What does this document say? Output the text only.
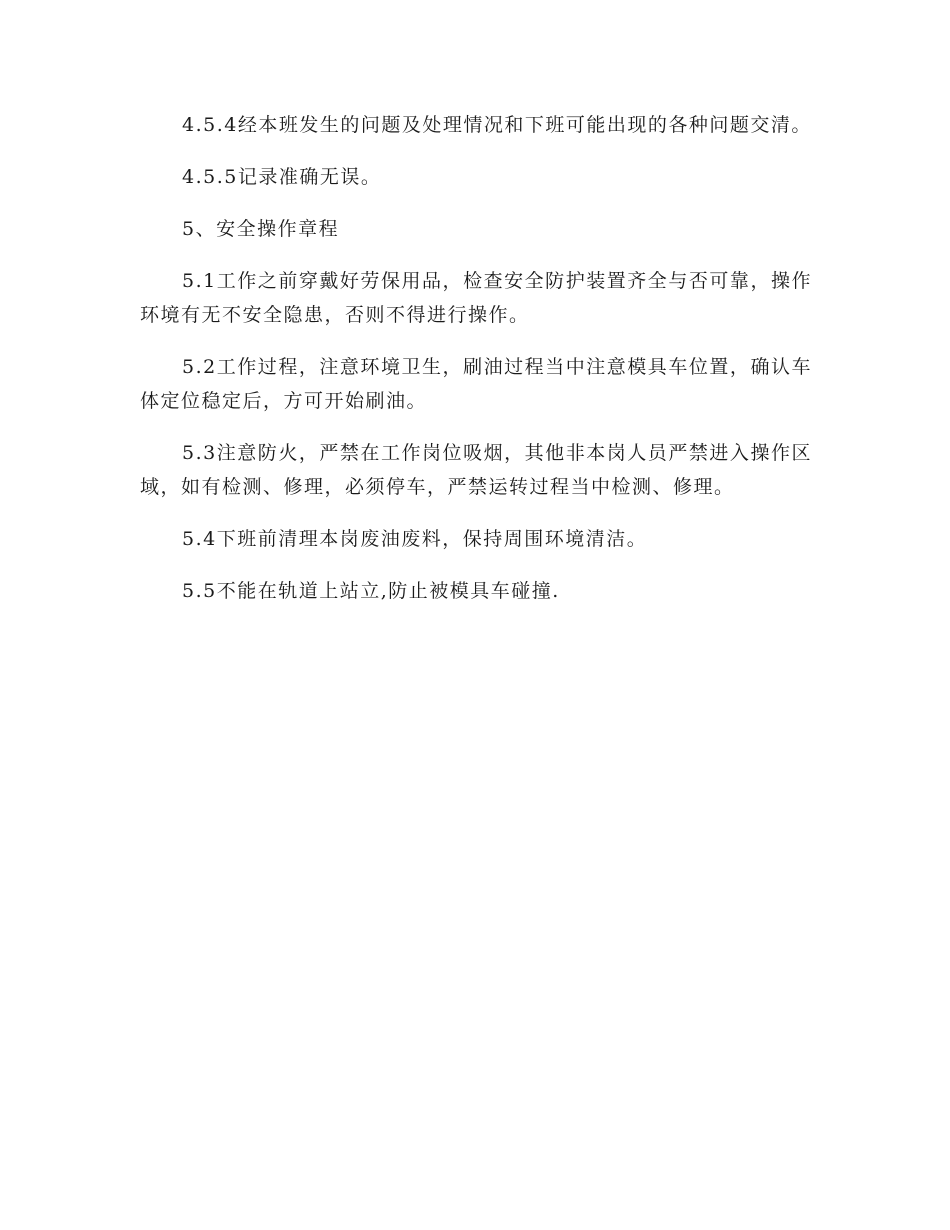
4.5.4经本班发生的问题及处理情况和下班可能出现的各种问题交清。

4.5.5记录准确无误。

5、安全操作章程

5.1工作之前穿戴好劳保用品，检查安全防护装置齐全与否可靠，操作环境有无不安全隐患，否则不得进行操作。

5.2工作过程，注意环境卫生，刷油过程当中注意模具车位置，确认车体定位稳定后，方可开始刷油。

5.3注意防火，严禁在工作岗位吸烟，其他非本岗人员严禁进入操作区域，如有检测、修理，必须停车，严禁运转过程当中检测、修理。

5.4下班前清理本岗废油废料，保持周围环境清洁。

5.5不能在轨道上站立,防止被模具车碰撞.
